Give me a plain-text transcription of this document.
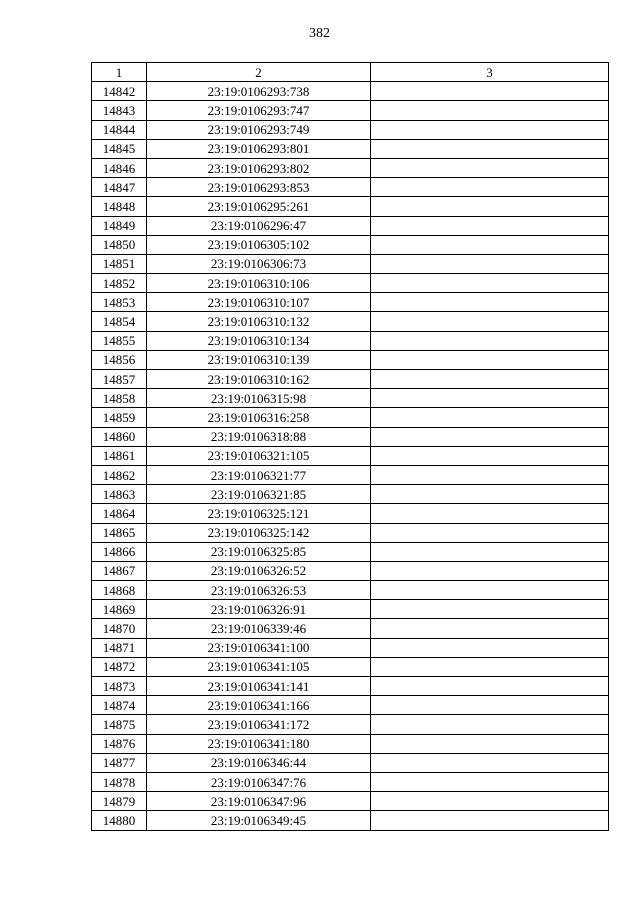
382
1	2	3
14842	23:19:0106293:738	
14843	23:19:0106293:747	
14844	23:19:0106293:749	
14845	23:19:0106293:801	
14846	23:19:0106293:802	
14847	23:19:0106293:853	
14848	23:19:0106295:261	
14849	23:19:0106296:47	
14850	23:19:0106305:102	
14851	23:19:0106306:73	
14852	23:19:0106310:106	
14853	23:19:0106310:107	
14854	23:19:0106310:132	
14855	23:19:0106310:134	
14856	23:19:0106310:139	
14857	23:19:0106310:162	
14858	23:19:0106315:98	
14859	23:19:0106316:258	
14860	23:19:0106318:88	
14861	23:19:0106321:105	
14862	23:19:0106321:77	
14863	23:19:0106321:85	
14864	23:19:0106325:121	
14865	23:19:0106325:142	
14866	23:19:0106325:85	
14867	23:19:0106326:52	
14868	23:19:0106326:53	
14869	23:19:0106326:91	
14870	23:19:0106339:46	
14871	23:19:0106341:100	
14872	23:19:0106341:105	
14873	23:19:0106341:141	
14874	23:19:0106341:166	
14875	23:19:0106341:172	
14876	23:19:0106341:180	
14877	23:19:0106346:44	
14878	23:19:0106347:76	
14879	23:19:0106347:96	
14880	23:19:0106349:45	
